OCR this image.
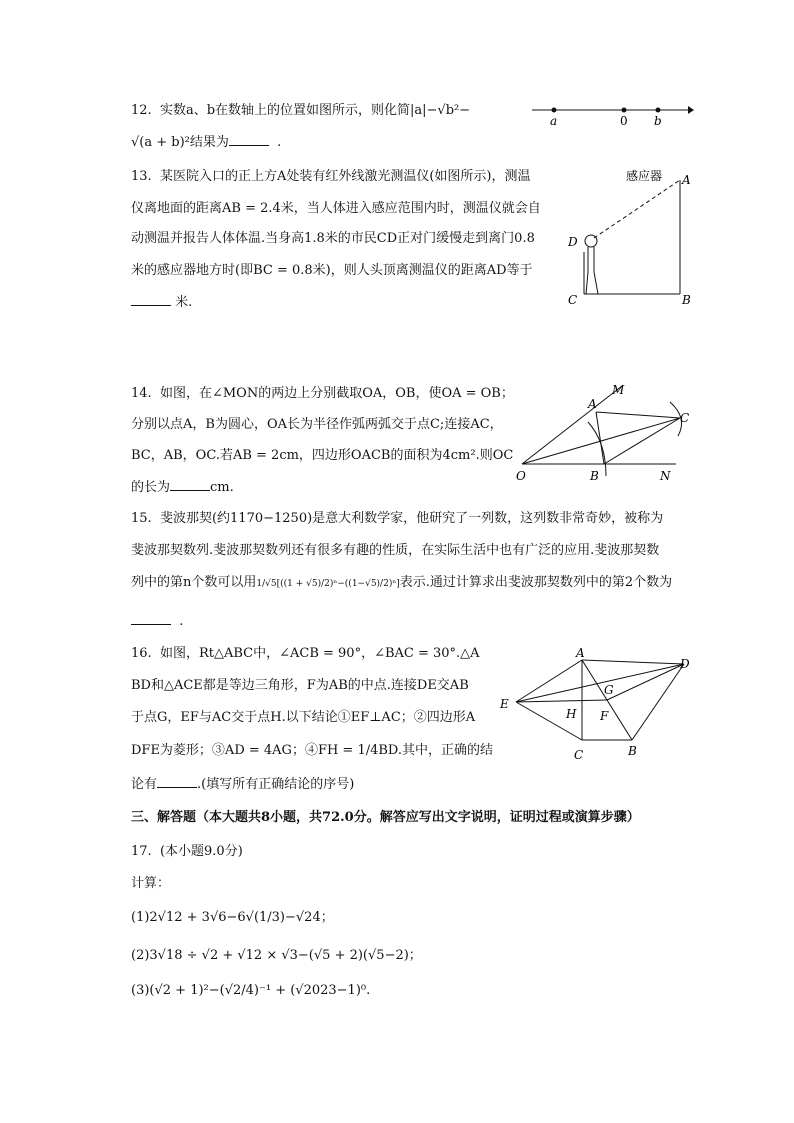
12. 实数a、b在数轴上的位置如图所示，则化简|a|−√b²−
√(a + b)²结果为	.
a	0 b
13. 某医院入口的正上方A处装有红外线激光测温仪(如图所示)，测温
仪离地面的距离AB = 2.4米，当人体进入感应范围内时，测温仪就会自
动测温并报告人体体温.当身高1.8米的市民CD正对门缓慢走到离门0.8
米的感应器地方时(即BC = 0.8米)，则人头顶离测温仪的距离AD等于
米.
感应器 A
B
C
D
14. 如图，在∠MON的两边上分别截取OA，OB，使OA = OB；
分别以点A，B为圆心，OA长为半径作弧两弧交于点C;连接AC，
BC，AB，OC.若AB = 2cm，四边形OACB的面积为4cm².则OC
的长为	cm.
M
A
C
O	B	N
15. 斐波那契(约1170−1250)是意大利数学家，他研究了一列数，这列数非常奇妙，被称为
斐波那契数列.斐波那契数列还有很多有趣的性质，在实际生活中也有广泛的应用.斐波那契数
列中的第n个数可以用1/√5[((1 + √5)/2)ⁿ−((1−√5)/2)ⁿ]表示.通过计算求出斐波那契数列中的第2个数为
.
16. 如图，Rt△ABC中，∠ACB = 90°，∠BAC = 30°.△A
BD和△ACE都是等边三角形，F为AB的中点.连接DE交AB
于点G，EF与AC交于点H.以下结论①EF⊥AC；②四边形A
DFE为菱形；③AD = 4AG；④FH = 1/4BD.其中，正确的结
论有	.(填写所有正确结论的序号)
A
D
E
G
H F
C	B
三、解答题（本大题共8小题，共72.0分。解答应写出文字说明，证明过程或演算步骤）
17. (本小题9.0分)
计算：
(1)2√12 + 3√6−6√(1/3)−√24；
(2)3√18 ÷ √2 + √12 × √3−(√5 + 2)(√5−2)；
(3)(√2 + 1)²−(√2/4)⁻¹ + (√2023−1)⁰.
